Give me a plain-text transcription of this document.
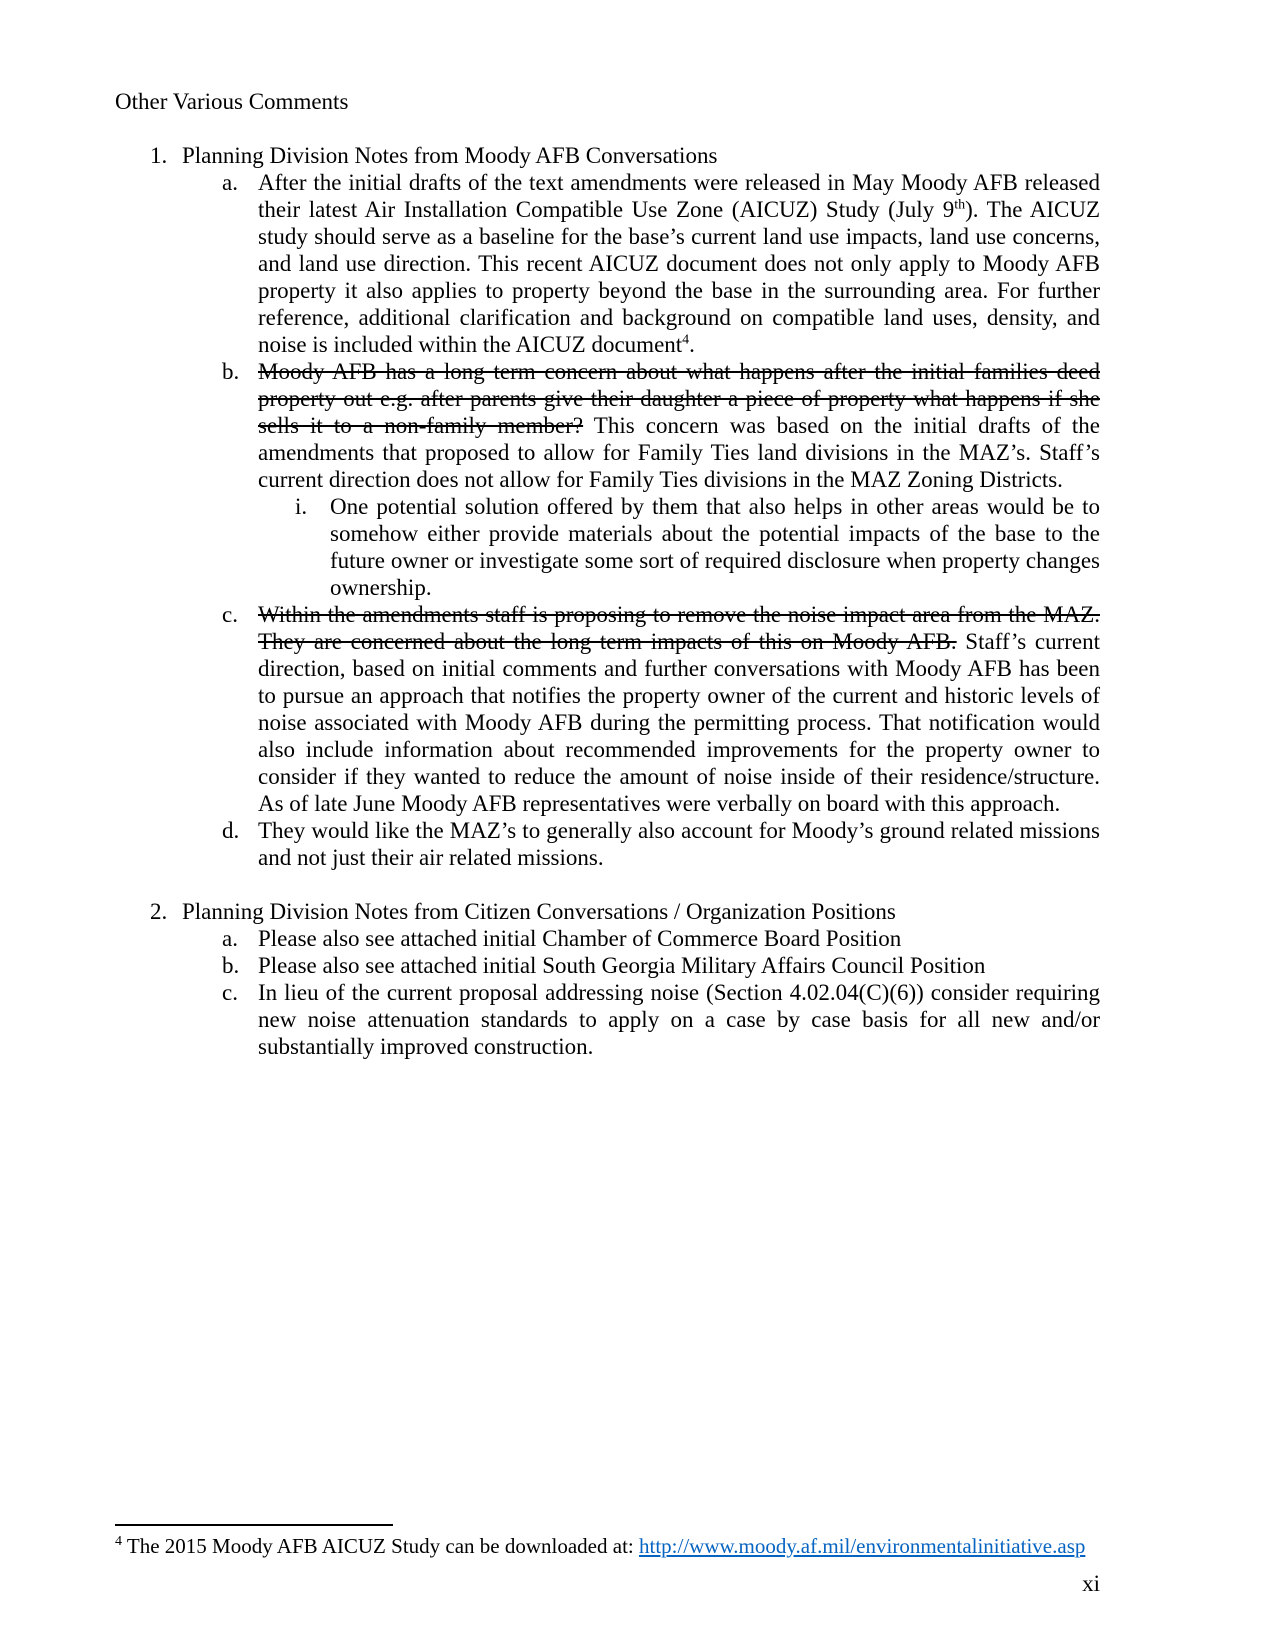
Other Various Comments
1. Planning Division Notes from Moody AFB Conversations
a. After the initial drafts of the text amendments were released in May Moody AFB released their latest Air Installation Compatible Use Zone (AICUZ) Study (July 9th). The AICUZ study should serve as a baseline for the base’s current land use impacts, land use concerns, and land use direction. This recent AICUZ document does not only apply to Moody AFB property it also applies to property beyond the base in the surrounding area. For further reference, additional clarification and background on compatible land uses, density, and noise is included within the AICUZ document$^4$.
b. Moody AFB has a long term concern about what happens after the initial families deed property out e.g. after parents give their daughter a piece of property what happens if she sells it to a non-family member? This concern was based on the initial drafts of the amendments that proposed to allow for Family Ties land divisions in the MAZ’s. Staff’s current direction does not allow for Family Ties divisions in the MAZ Zoning Districts.
i. One potential solution offered by them that also helps in other areas would be to somehow either provide materials about the potential impacts of the base to the future owner or investigate some sort of required disclosure when property changes ownership.
c. Within the amendments staff is proposing to remove the noise impact area from the MAZ. They are concerned about the long term impacts of this on Moody AFB. Staff’s current direction, based on initial comments and further conversations with Moody AFB has been to pursue an approach that notifies the property owner of the current and historic levels of noise associated with Moody AFB during the permitting process. That notification would also include information about recommended improvements for the property owner to consider if they wanted to reduce the amount of noise inside of their residence/structure. As of late June Moody AFB representatives were verbally on board with this approach.
d. They would like the MAZ’s to generally also account for Moody’s ground related missions and not just their air related missions.
2. Planning Division Notes from Citizen Conversations / Organization Positions
a. Please also see attached initial Chamber of Commerce Board Position
b. Please also see attached initial South Georgia Military Affairs Council Position
c. In lieu of the current proposal addressing noise (Section 4.02.04(C)(6)) consider requiring new noise attenuation standards to apply on a case by case basis for all new and/or substantially improved construction.
$^4$ The 2015 Moody AFB AICUZ Study can be downloaded at: http://www.moody.af.mil/environmentalinitiative.asp
xi
